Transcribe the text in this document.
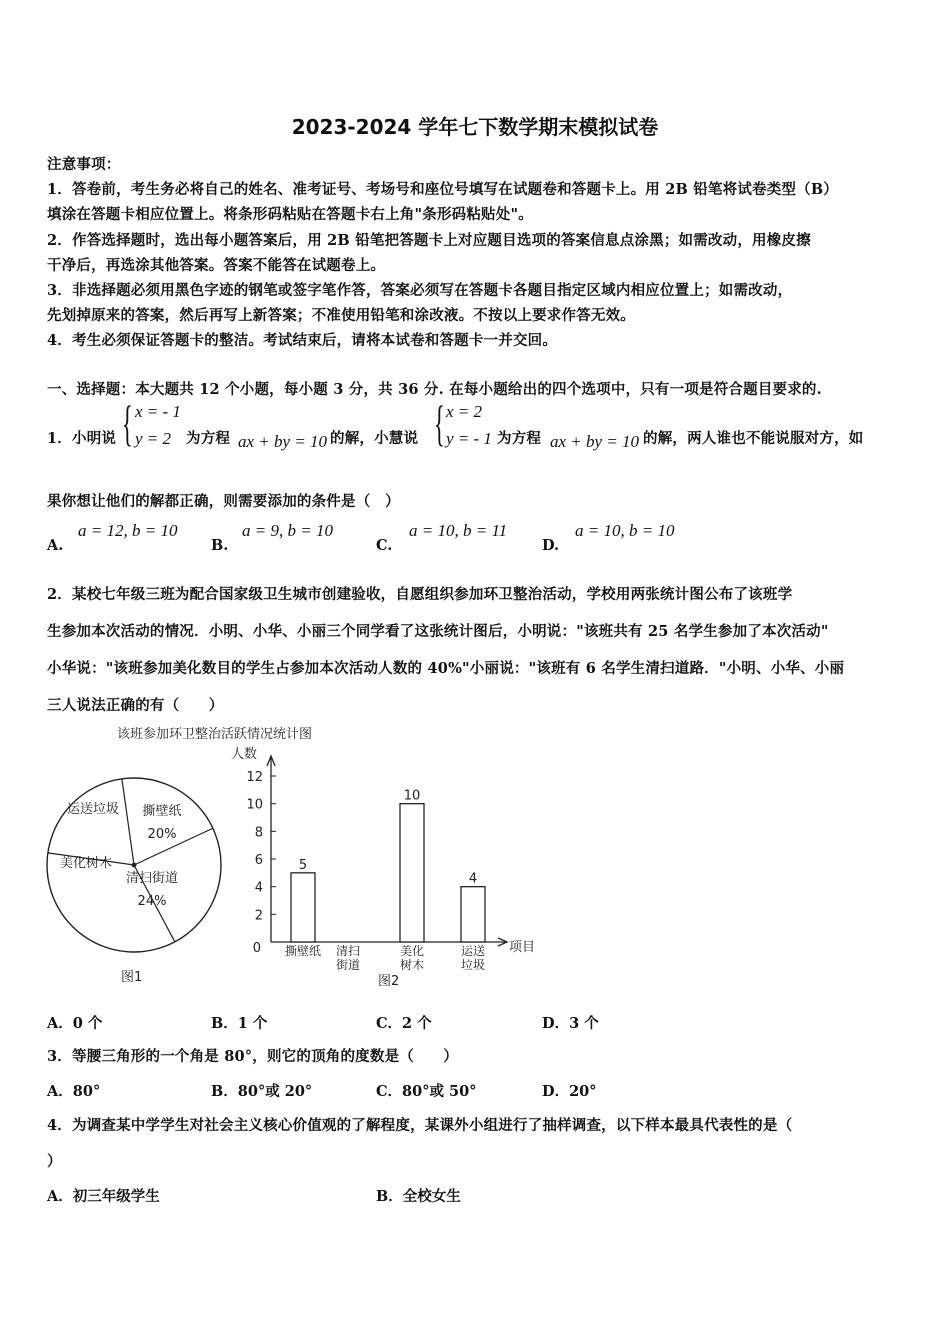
2023-2024 学年七下数学期末模拟试卷
注意事项：
1．答卷前，考生务必将自己的姓名、准考证号、考场号和座位号填写在试题卷和答题卡上。用 2B 铅笔将试卷类型（B）
填涂在答题卡相应位置上。将条形码粘贴在答题卡右上角"条形码粘贴处"。
2．作答选择题时，选出每小题答案后，用 2B 铅笔把答题卡上对应题目选项的答案信息点涂黑；如需改动，用橡皮擦
干净后，再选涂其他答案。答案不能答在试题卷上。
3．非选择题必须用黑色字迹的钢笔或签字笔作答，答案必须写在答题卡各题目指定区域内相应位置上；如需改动，
先划掉原来的答案，然后再写上新答案；不准使用铅笔和涂改液。不按以上要求作答无效。
4．考生必须保证答题卡的整洁。考试结束后，请将本试卷和答题卡一并交回。
一、选择题：本大题共 12 个小题，每小题 3 分，共 36 分. 在每小题给出的四个选项中，只有一项是符合题目要求的.
1．小明说 { x = - 1
y = 2 为方程 ax + by = 10 的解，小慧说 { x = 2
y = - 1 为方程 ax + by = 10 的解，两人谁也不能说服对方，如
果你想让他们的解都正确，则需要添加的条件是（　）
A.
a = 12, b = 10
B.
a = 9, b = 10
C.
a = 10, b = 11
D.
a = 10, b = 10
2．某校七年级三班为配合国家级卫生城市创建验收，自愿组织参加环卫整治活动，学校用两张统计图公布了该班学
生参加本次活动的情况．小明、小华、小丽三个同学看了这张统计图后，小明说："该班共有 25 名学生参加了本次活动"
小华说："该班参加美化数目的学生占参加本次活动人数的 40%"小丽说："该班有 6 名学生清扫道路．"小明、小华、小丽
三人说法正确的有（　　）
该班参加环卫整治活跃情况统计图
撕壁纸
20%
清扫街道
24%
美化树木
运送垃圾
图1
人数
项目
0
2
4
6
8
10
12
5
撕壁纸 清扫
街道
10
美化
树木
4
运送
垃圾
图2
A．0 个	B．1 个	C．2 个	D．3 个
3．等腰三角形的一个角是 80°，则它的顶角的度数是（　　）
A．80°	B．80°或 20°	C．80°或 50°	D．20°
4．为调查某中学学生对社会主义核心价值观的了解程度，某课外小组进行了抽样调查，以下样本最具代表性的是（
）
A．初三年级学生	B．全校女生
